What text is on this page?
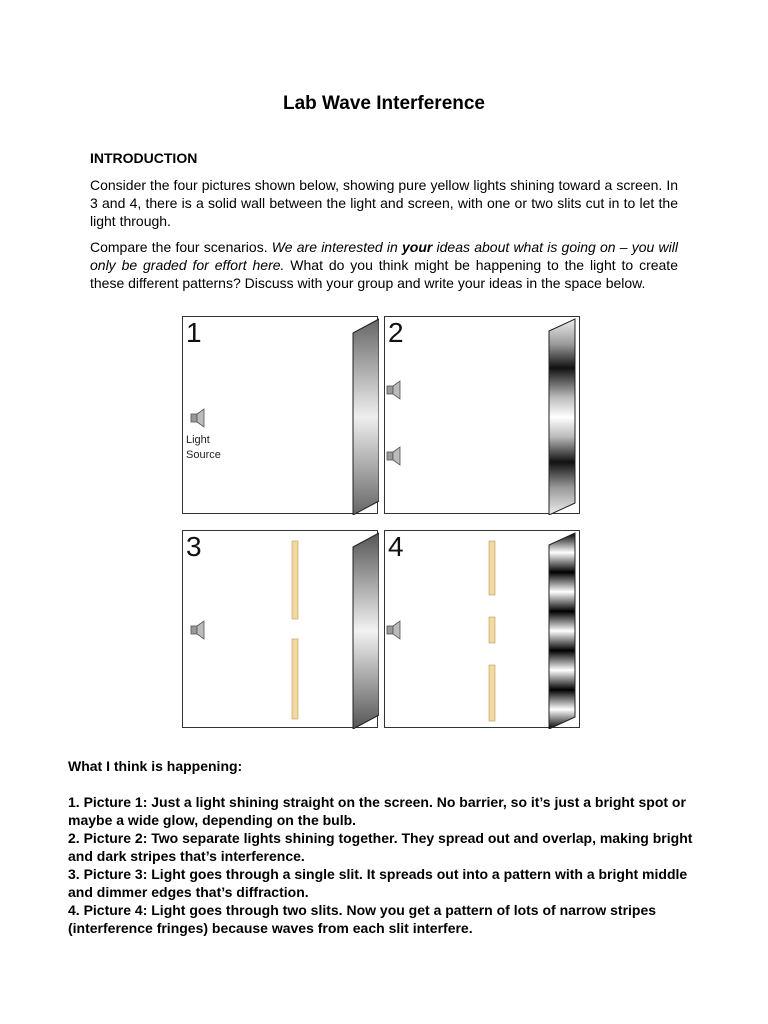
Lab Wave Interference
INTRODUCTION
Consider the four pictures shown below, showing pure yellow lights shining toward a screen. In 3 and 4, there is a solid wall between the light and screen, with one or two slits cut in to let the light through.
Compare the four scenarios. We are interested in your ideas about what is going on – you will only be graded for effort here. What do you think might be happening to the light to create these different patterns? Discuss with your group and write your ideas in the space below.
1
Light
Source
2
3	4
What I think is happening:
1. Picture 1: Just a light shining straight on the screen. No barrier, so it’s just a bright spot or maybe a wide glow, depending on the bulb.
2. Picture 2: Two separate lights shining together. They spread out and overlap, making bright and dark stripes that’s interference.
3. Picture 3: Light goes through a single slit. It spreads out into a pattern with a bright middle and dimmer edges that’s diffraction.
4. Picture 4: Light goes through two slits. Now you get a pattern of lots of narrow stripes (interference fringes) because waves from each slit interfere.
